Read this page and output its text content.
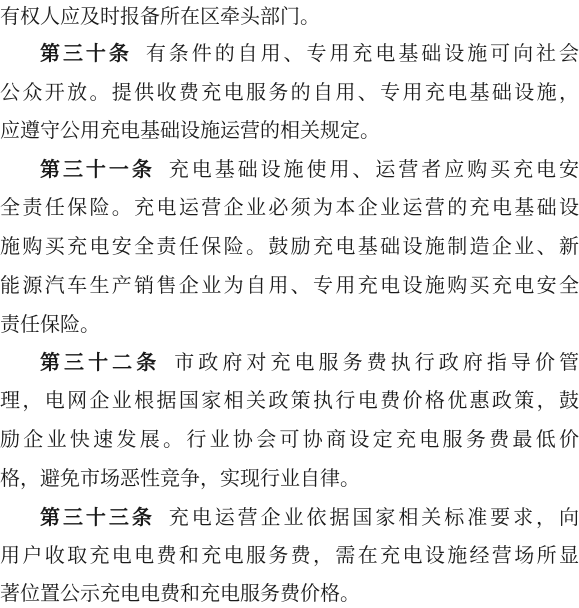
有权人应及时报备所在区牵头部门。
第三十条 有条件的自用、专用充电基础设施可向社会
公众开放。提供收费充电服务的自用、专用充电基础设施，
应遵守公用充电基础设施运营的相关规定。
第三十一条 充电基础设施使用、运营者应购买充电安
全责任保险。充电运营企业必须为本企业运营的充电基础设
施购买充电安全责任保险。鼓励充电基础设施制造企业、新
能源汽车生产销售企业为自用、专用充电设施购买充电安全
责任保险。
第三十二条 市政府对充电服务费执行政府指导价管
理，电网企业根据国家相关政策执行电费价格优惠政策，鼓
励企业快速发展。行业协会可协商设定充电服务费最低价
格，避免市场恶性竞争，实现行业自律。
第三十三条 充电运营企业依据国家相关标准要求，向
用户收取充电电费和充电服务费，需在充电设施经营场所显
著位置公示充电电费和充电服务费价格。
